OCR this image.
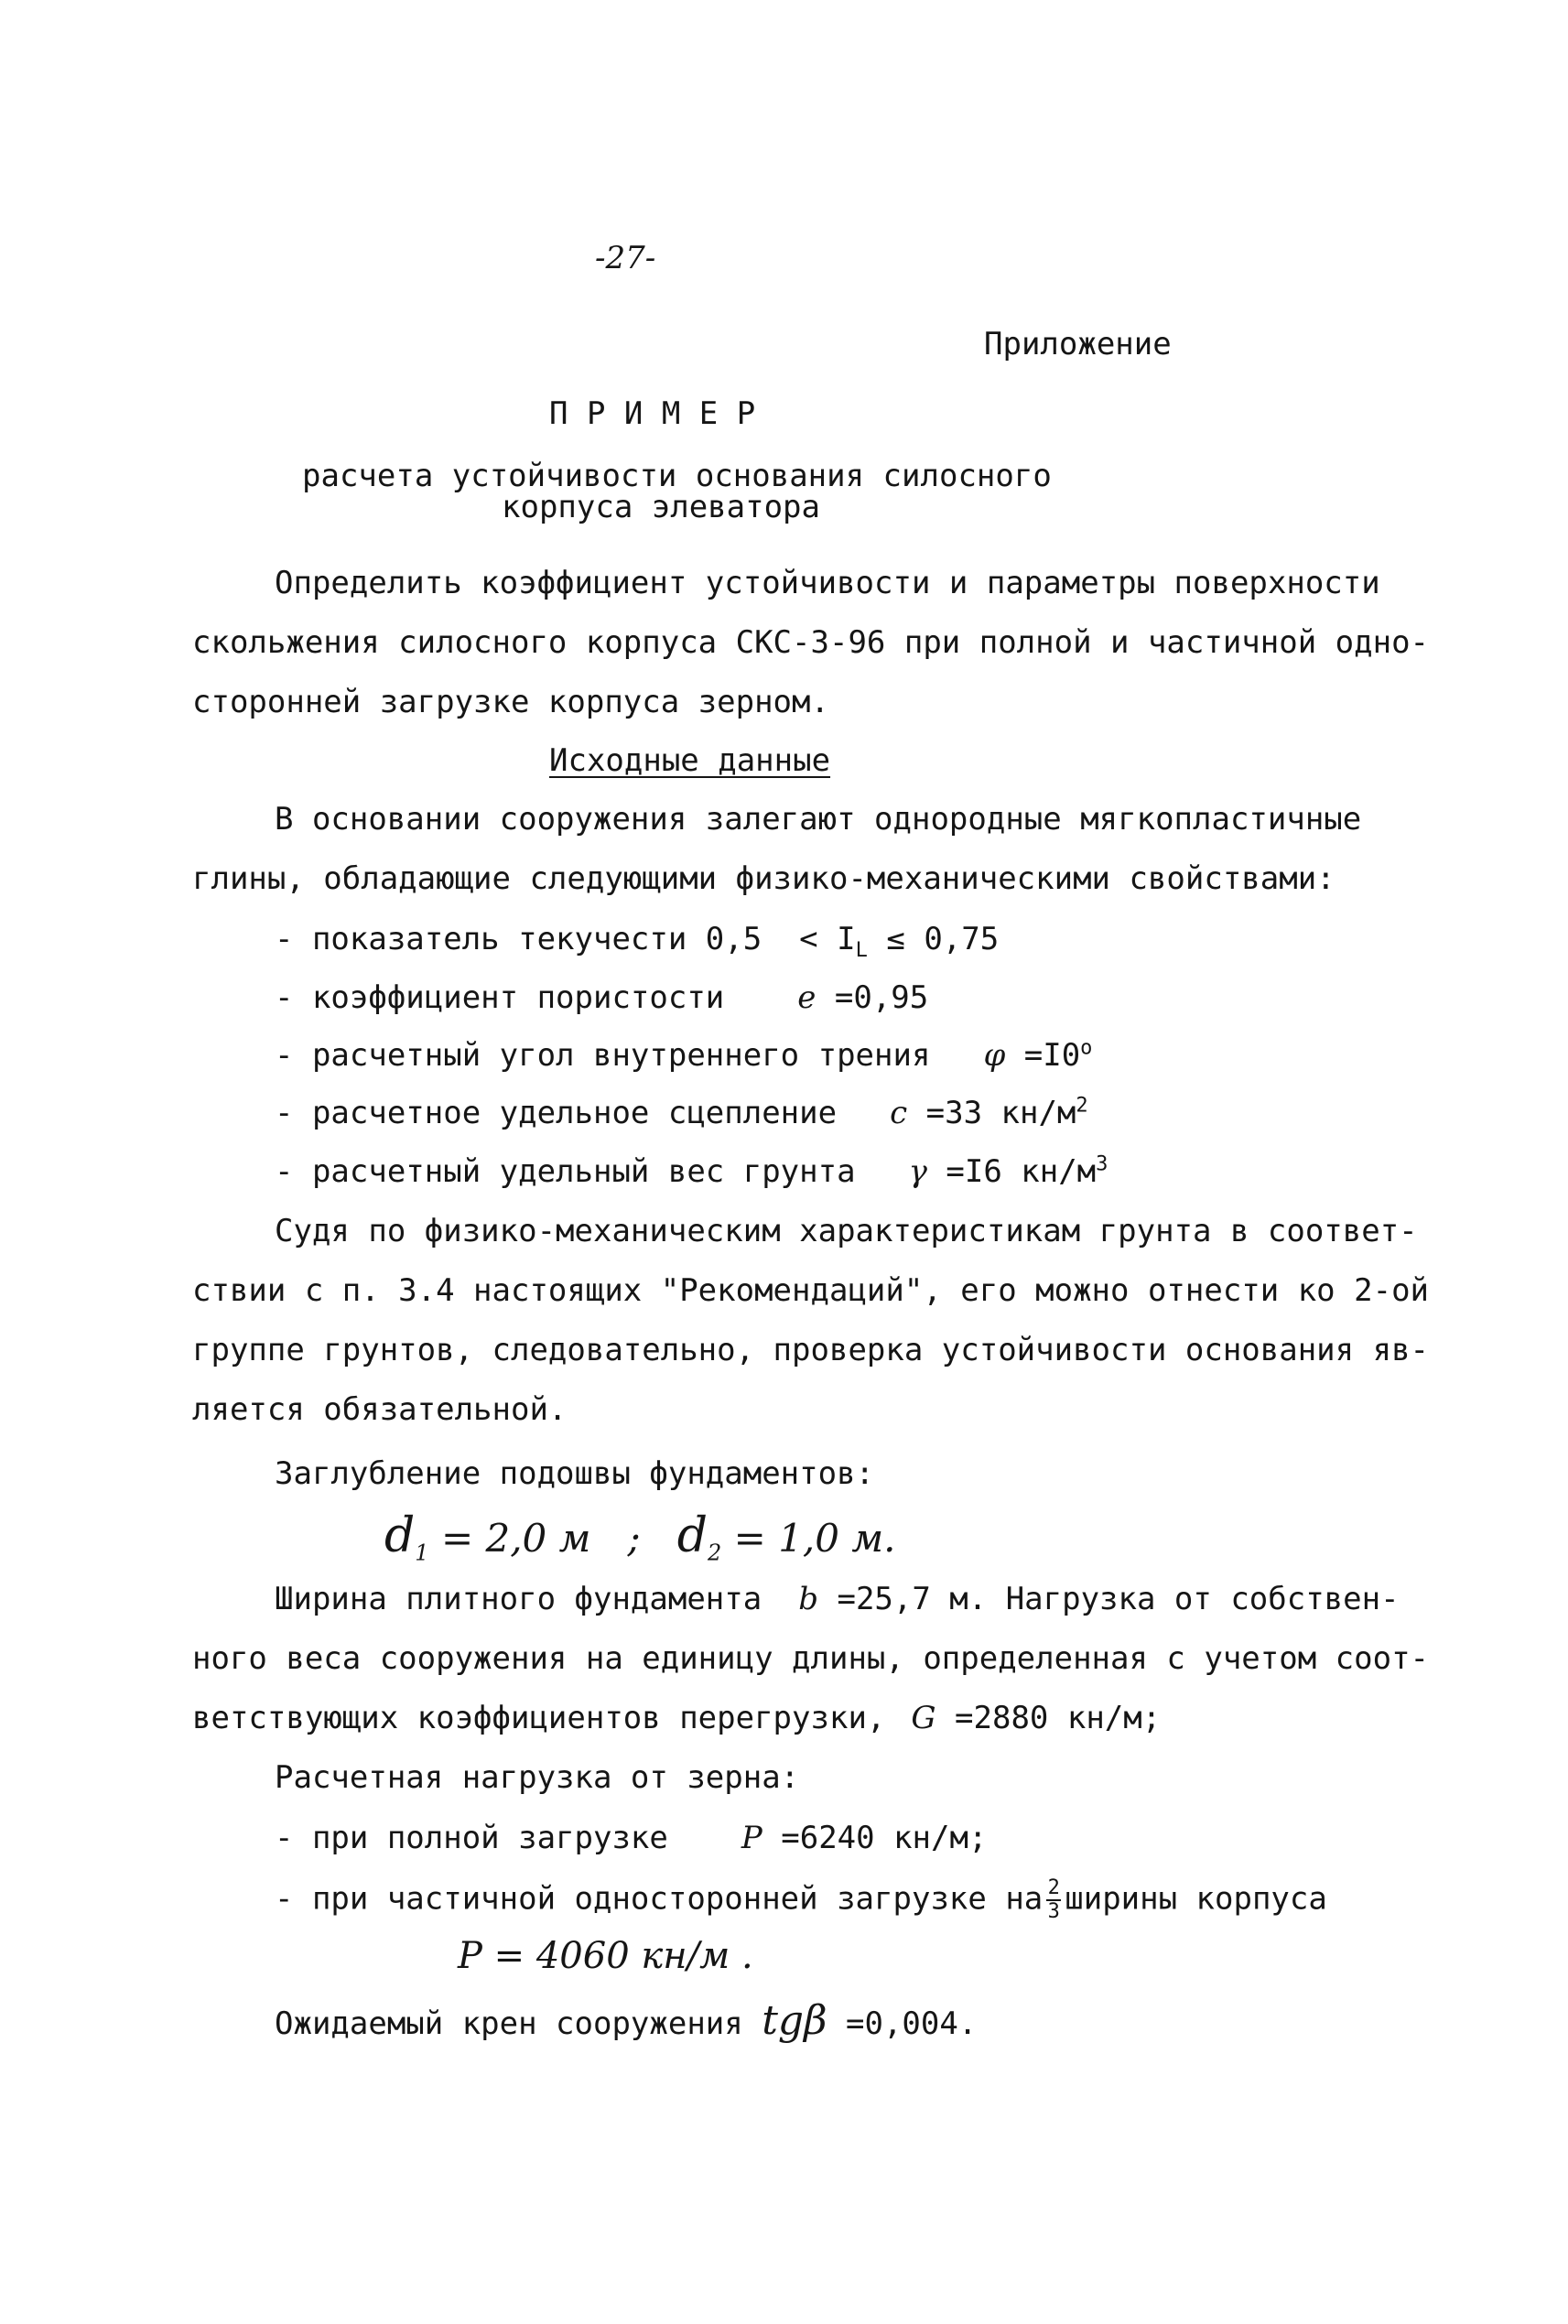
-27-
Приложение
П Р И М Е Р
расчета устойчивости основания силосного
корпуса элеватора
Определить коэффициент устойчивости и параметры поверхности
скольжения силосного корпуса СКС-3-96 при полной и частичной одно-
сторонней загрузке корпуса зерном.
Исходные данные
В основании сооружения залегают однородные мягкопластичные
глины, обладающие следующими физико-механическими свойствами:
- показатель текучести $0,5 < I_L \le 0,75$
- коэффициент пористости e =0,95
- расчетный угол внутреннего трения $\varphi =I0^o$
- расчетное удельное сцепление c =33 $кн/м^2$
- расчетный удельный вес грунта γ =I6 $кн/м^3$
Судя по физико-механическим характеристикам грунта в соответ-
ствии с п. 3.4 настоящих "Рекомендаций", его можно отнести ко 2-ой
группе грунтов, следовательно, проверка устойчивости основания яв-
ляется обязательной.
Заглубление подошвы фундаментов:
$d_1 = 2,0$ м ; $d_2 = 1,0$ м.
Ширина плитного фундамента b =25,7 м. Нагрузка от собствен-
ного веса сооружения на единицу длины, определенная с учетом соот-
ветствующих коэффициентов перегрузки, G =2880 кн/м;
Расчетная нагрузка от зерна:
- при полной загрузке P =6240 кн/м;
- при частичной односторонней загрузке на $\frac{2}{3}$ ширины корпуса
P = 4060 кн/м .
Ожидаемый крен сооружения tgβ =0,004.
